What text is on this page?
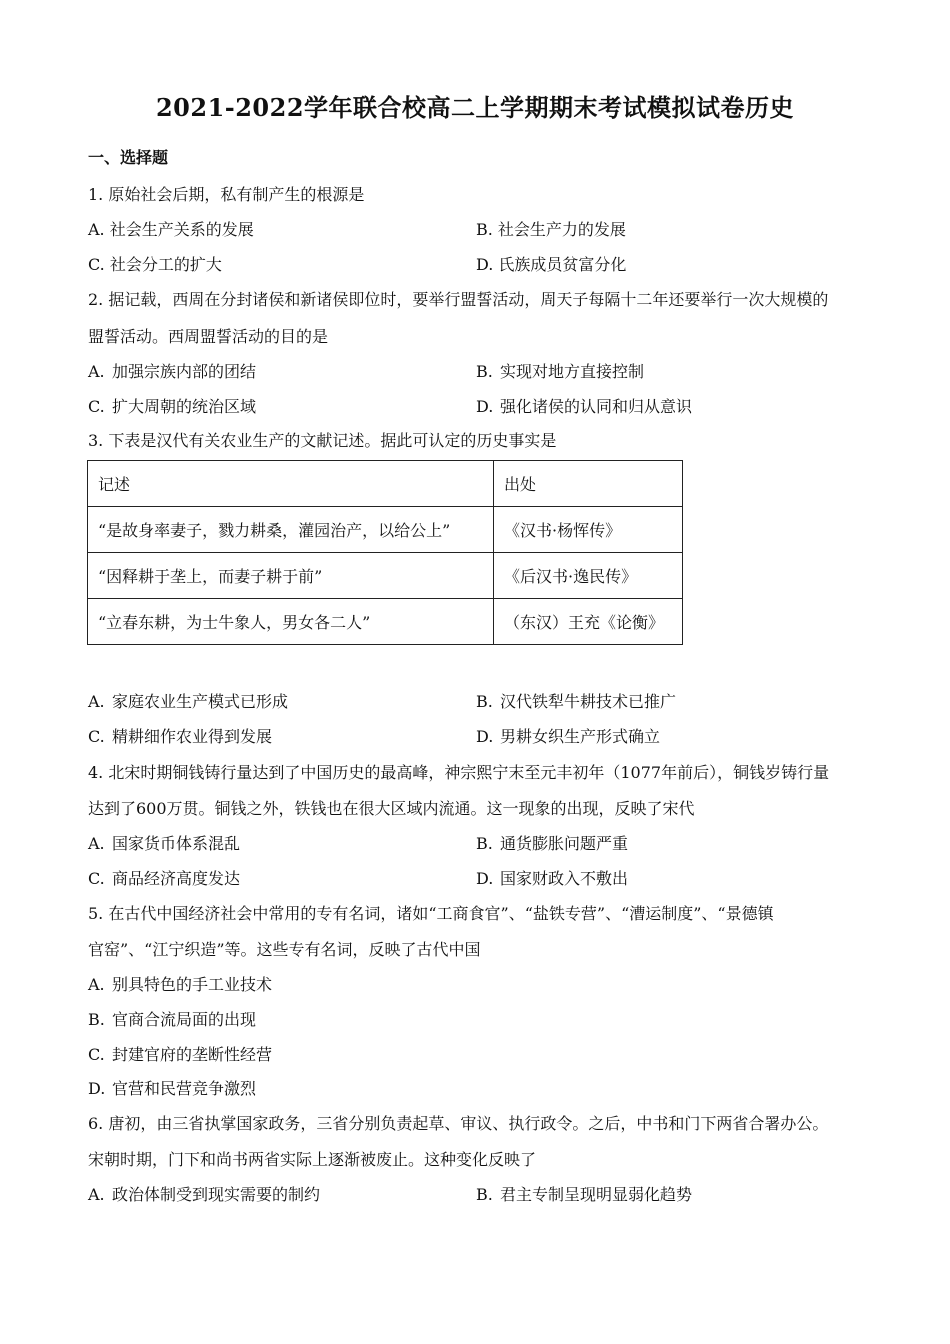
2021-2022学年联合校高二上学期期末考试模拟试卷历史
一、选择题
1. 原始社会后期，私有制产生的根源是
A. 社会生产关系的发展	B. 社会生产力的发展
C. 社会分工的扩大	D. 氏族成员贫富分化
2. 据记载，西周在分封诸侯和新诸侯即位时，要举行盟誓活动，周天子每隔十二年还要举行一次大规模的
盟誓活动。西周盟誓活动的目的是
A. 加强宗族内部的团结	B. 实现对地方直接控制
C. 扩大周朝的统治区域	D. 强化诸侯的认同和归从意识
3. 下表是汉代有关农业生产的文献记述。据此可认定的历史事实是
记述	出处
“是故身率妻子，戮力耕桑，灌园治产，以给公上”	《汉书·杨恽传》
“因释耕于垄上，而妻子耕于前”	《后汉书·逸民传》
“立春东耕，为士牛象人，男女各二人”	（东汉）王充《论衡》
A. 家庭农业生产模式已形成	B. 汉代铁犁牛耕技术已推广
C. 精耕细作农业得到发展	D. 男耕女织生产形式确立
4. 北宋时期铜钱铸行量达到了中国历史的最高峰，神宗熙宁末至元丰初年（1077年前后），铜钱岁铸行量
达到了600万贯。铜钱之外，铁钱也在很大区域内流通。这一现象的出现，反映了宋代
A. 国家货币体系混乱	B. 通货膨胀问题严重
C. 商品经济高度发达	D. 国家财政入不敷出
5. 在古代中国经济社会中常用的专有名词，诸如“工商食官”、“盐铁专营”、“漕运制度”、“景德镇
官窑”、“江宁织造”等。这些专有名词，反映了古代中国
A. 别具特色的手工业技术
B. 官商合流局面的出现
C. 封建官府的垄断性经营
D. 官营和民营竞争激烈
6. 唐初，由三省执掌国家政务，三省分别负责起草、审议、执行政令。之后，中书和门下两省合署办公。
宋朝时期，门下和尚书两省实际上逐渐被废止。这种变化反映了
A. 政治体制受到现实需要的制约	B. 君主专制呈现明显弱化趋势
